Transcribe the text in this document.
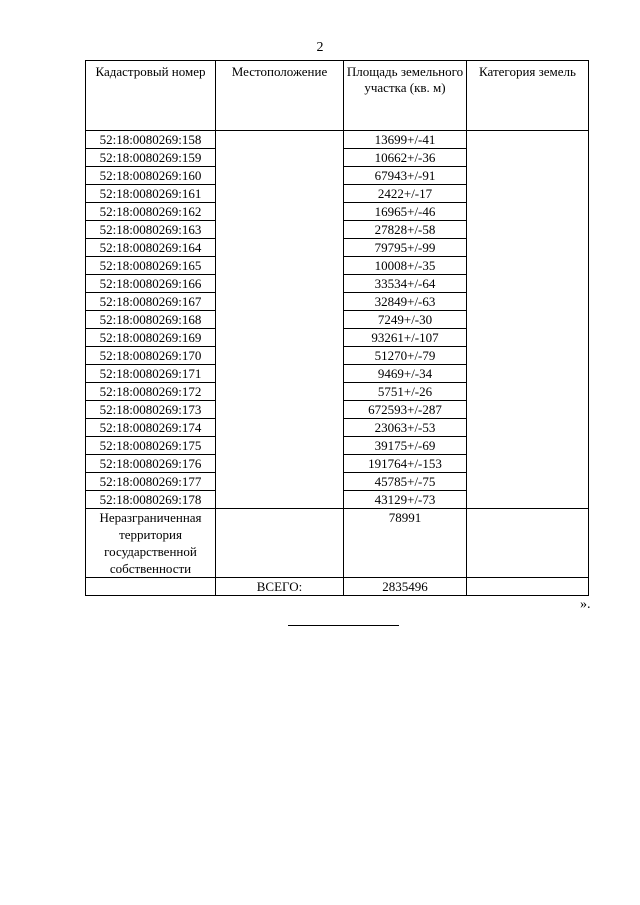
2
Кадастровый номер	Местоположение	Площадь земельного участка (кв. м)	Категория земель
52:18:0080269:158		13699+/-41	
52:18:0080269:159		10662+/-36	
52:18:0080269:160		67943+/-91	
52:18:0080269:161		2422+/-17	
52:18:0080269:162		16965+/-46	
52:18:0080269:163		27828+/-58	
52:18:0080269:164		79795+/-99	
52:18:0080269:165		10008+/-35	
52:18:0080269:166		33534+/-64	
52:18:0080269:167		32849+/-63	
52:18:0080269:168		7249+/-30	
52:18:0080269:169		93261+/-107	
52:18:0080269:170		51270+/-79	
52:18:0080269:171		9469+/-34	
52:18:0080269:172		5751+/-26	
52:18:0080269:173		672593+/-287	
52:18:0080269:174		23063+/-53	
52:18:0080269:175		39175+/-69	
52:18:0080269:176		191764+/-153	
52:18:0080269:177		45785+/-75	
52:18:0080269:178		43129+/-73	
Неразграниченная территория государственной собственности		78991	
	ВСЕГО:	2835496	
».
